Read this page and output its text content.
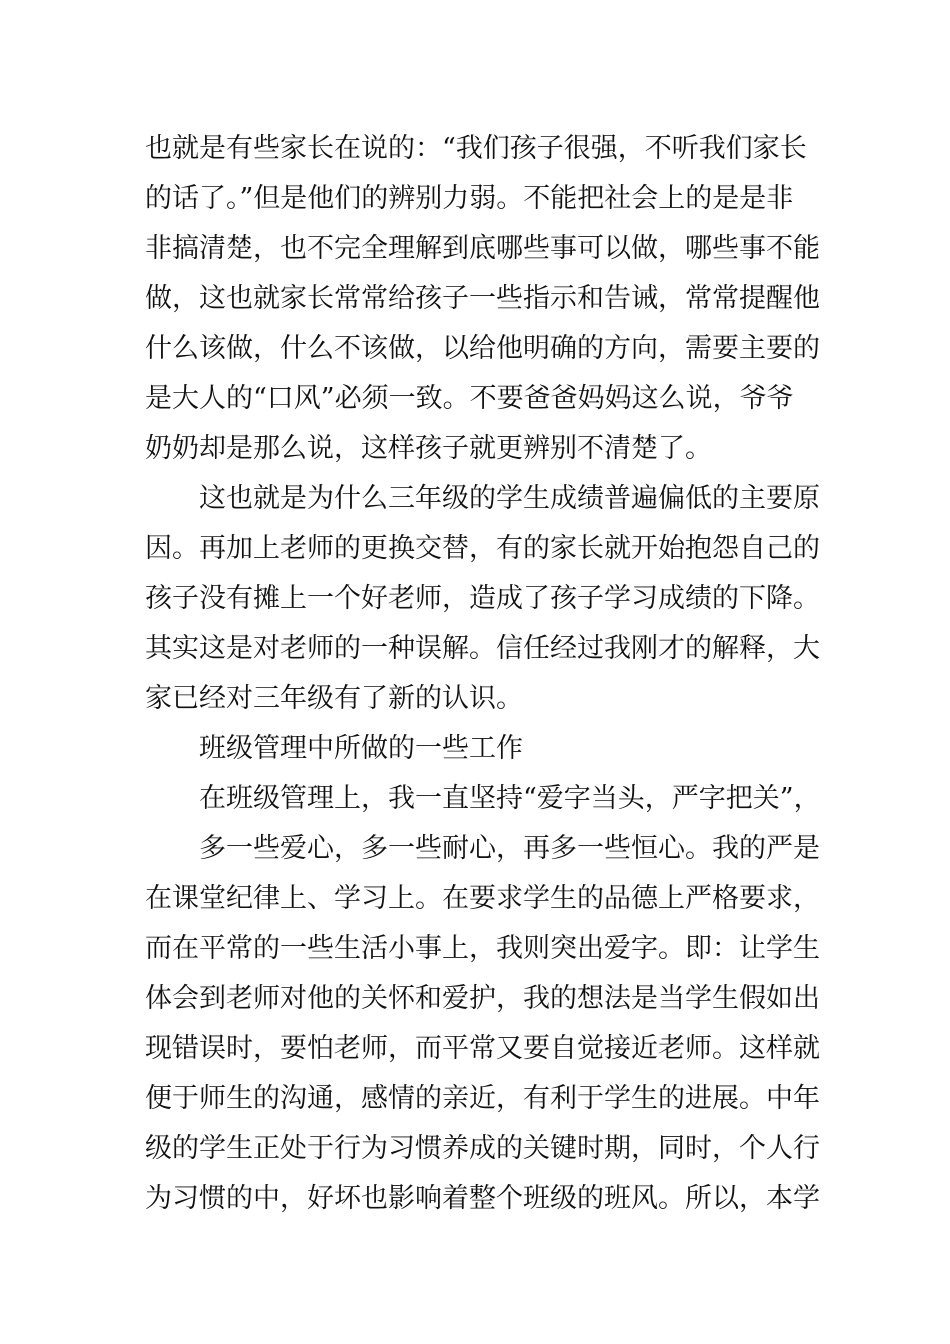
也就是有些家长在说的：“我们孩子很强，不听我们家长
的话了。”但是他们的辨别力弱。不能把社会上的是是非
非搞清楚，也不完全理解到底哪些事可以做，哪些事不能
做，这也就家长常常给孩子一些指示和告诫，常常提醒他
什么该做，什么不该做，以给他明确的方向，需要主要的
是大人的“口风”必须一致。不要爸爸妈妈这么说，爷爷
奶奶却是那么说，这样孩子就更辨别不清楚了。
这也就是为什么三年级的学生成绩普遍偏低的主要原
因。再加上老师的更换交替，有的家长就开始抱怨自己的
孩子没有摊上一个好老师，造成了孩子学习成绩的下降。
其实这是对老师的一种误解。信任经过我刚才的解释，大
家已经对三年级有了新的认识。
班级管理中所做的一些工作
在班级管理上，我一直坚持“爱字当头，严字把关”，
多一些爱心，多一些耐心，再多一些恒心。我的严是
在课堂纪律上、学习上。在要求学生的品德上严格要求，
而在平常的一些生活小事上，我则突出爱字。即：让学生
体会到老师对他的关怀和爱护，我的想法是当学生假如出
现错误时，要怕老师，而平常又要自觉接近老师。这样就
便于师生的沟通，感情的亲近，有利于学生的进展。中年
级的学生正处于行为习惯养成的关键时期，同时，个人行
为习惯的中，好坏也影响着整个班级的班风。所以，本学
